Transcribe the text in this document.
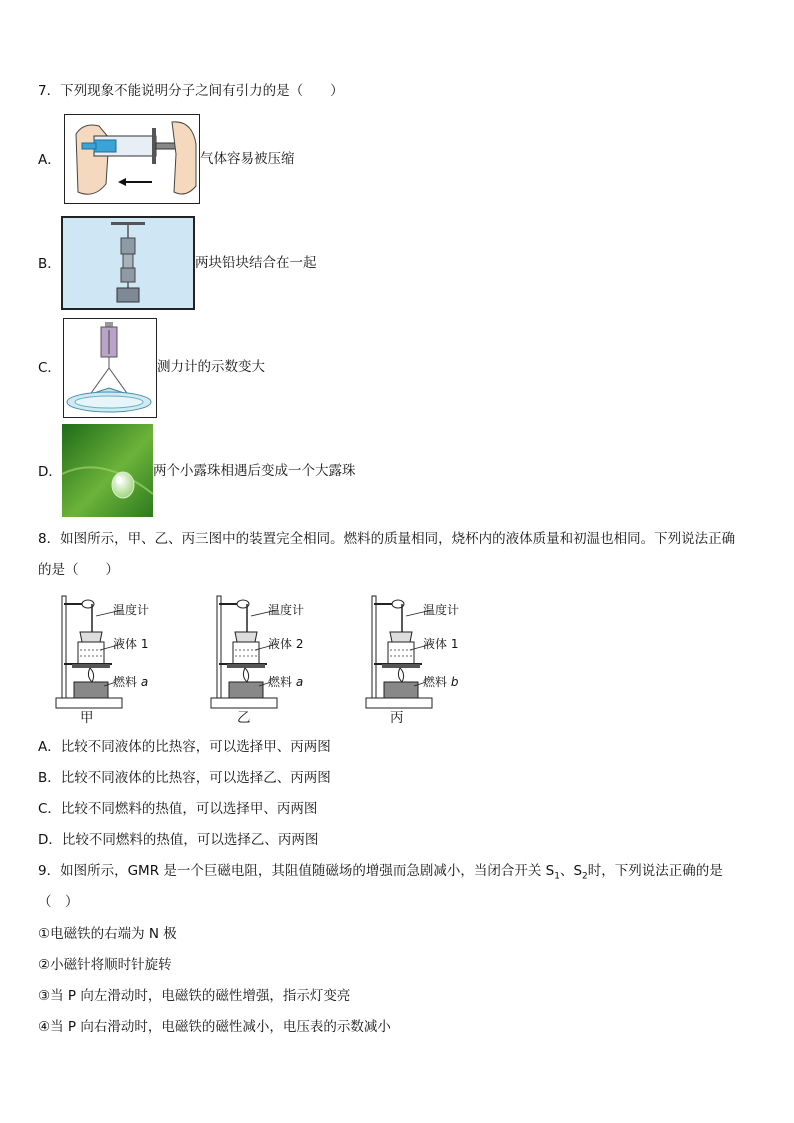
7．下列现象不能说明分子之间有引力的是（　　）
A．	气体容易被压缩
B．	两块铅块结合在一起
C．	测力计的示数变大
D．	两个小露珠相遇后变成一个大露珠
8．如图所示，甲、乙、丙三图中的装置完全相同。燃料的质量相同，烧杯内的液体质量和初温也相同。下列说法正确
的是（　　）
温度计
液体 1
燃料 a
甲
温度计
液体 2
燃料 a
乙
温度计
液体 1
燃料 b
丙
A．比较不同液体的比热容，可以选择甲、丙两图
B．比较不同液体的比热容，可以选择乙、丙两图
C．比较不同燃料的热值，可以选择甲、丙两图
D．比较不同燃料的热值，可以选择乙、丙两图
9．如图所示，GMR 是一个巨磁电阻，其阻值随磁场的增强而急剧减小，当闭合开关 $S_1$、$S_2$时，下列说法正确的是
（　）
①电磁铁的右端为 N 极
②小磁针将顺时针旋转
③当 P 向左滑动时，电磁铁的磁性增强，指示灯变亮
④当 P 向右滑动时，电磁铁的磁性减小，电压表的示数减小
